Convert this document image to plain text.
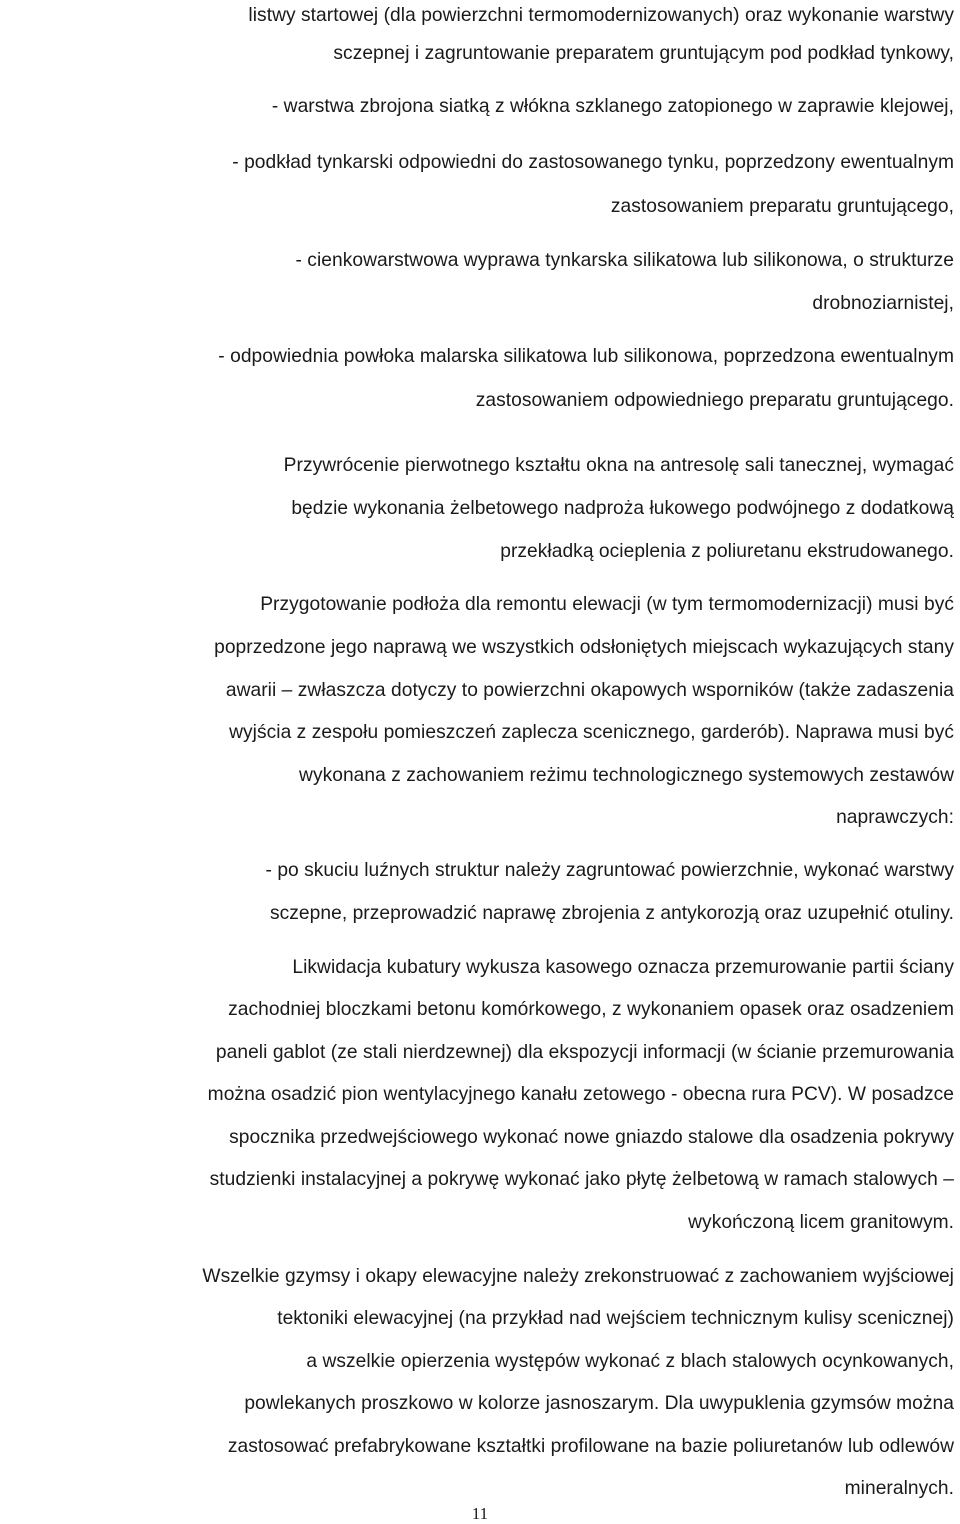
listwy startowej (dla powierzchni termomodernizowanych) oraz wykonanie warstwy
sczepnej i zagruntowanie preparatem gruntującym pod podkład tynkowy,
- warstwa zbrojona siatką z włókna szklanego zatopionego w zaprawie klejowej,
- podkład tynkarski odpowiedni do zastosowanego tynku, poprzedzony ewentualnym
zastosowaniem preparatu gruntującego,
- cienkowarstwowa wyprawa tynkarska silikatowa lub silikonowa, o strukturze
drobnoziarnistej,
- odpowiednia powłoka malarska silikatowa lub silikonowa, poprzedzona ewentualnym
zastosowaniem odpowiedniego preparatu gruntującego.
Przywrócenie pierwotnego kształtu okna na antresolę sali tanecznej, wymagać
będzie wykonania żelbetowego nadproża łukowego podwójnego z dodatkową
przekładką ocieplenia z poliuretanu ekstrudowanego.
Przygotowanie podłoża dla remontu elewacji (w tym termomodernizacji) musi być
poprzedzone jego naprawą we wszystkich odsłoniętych miejscach wykazujących stany
awarii – zwłaszcza dotyczy to powierzchni okapowych wsporników (także zadaszenia
wyjścia z zespołu pomieszczeń zaplecza scenicznego, garderób). Naprawa musi być
wykonana z zachowaniem reżimu technologicznego systemowych zestawów
naprawczych:
- po skuciu luźnych struktur należy zagruntować powierzchnie, wykonać warstwy
sczepne, przeprowadzić naprawę zbrojenia z antykorozją oraz uzupełnić otuliny.
Likwidacja kubatury wykusza kasowego oznacza przemurowanie partii ściany
zachodniej bloczkami betonu komórkowego, z wykonaniem opasek oraz osadzeniem
paneli gablot (ze stali nierdzewnej) dla ekspozycji informacji (w ścianie przemurowania
można osadzić pion wentylacyjnego kanału zetowego - obecna rura PCV). W posadzce
spocznika przedwejściowego wykonać nowe gniazdo stalowe dla osadzenia pokrywy
studzienki instalacyjnej a pokrywę wykonać jako płytę żelbetową w ramach stalowych –
wykończoną licem granitowym.
Wszelkie gzymsy i okapy elewacyjne należy zrekonstruować z zachowaniem wyjściowej
tektoniki elewacyjnej (na przykład nad wejściem technicznym kulisy scenicznej)
a wszelkie opierzenia występów wykonać z blach stalowych ocynkowanych,
powlekanych proszkowo w kolorze jasnoszarym. Dla uwypuklenia gzymsów można
zastosować prefabrykowane kształtki profilowane na bazie poliuretanów lub odlewów
mineralnych.
11
